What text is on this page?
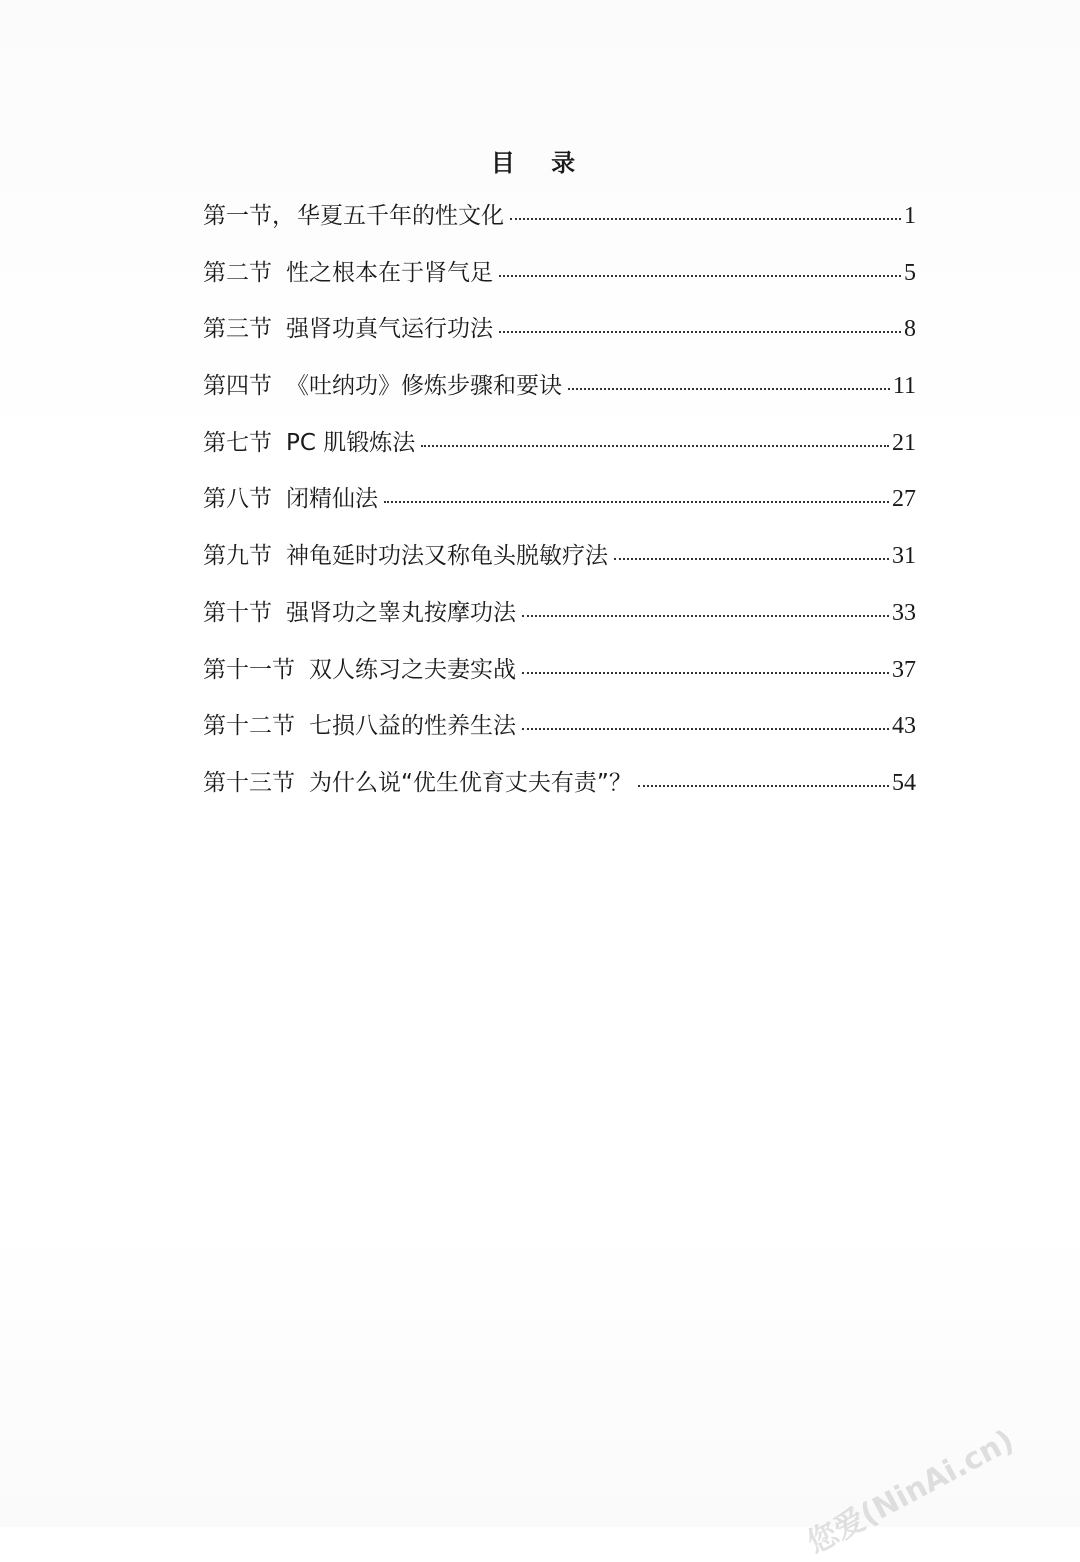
目 录
第一节， 华夏五千年的性文化	1
第二节 性之根本在于肾气足	5
第三节 强肾功真气运行功法	8
第四节 《吐纳功》修炼步骤和要诀	11
第七节 PC 肌锻炼法	21
第八节 闭精仙法	27
第九节 神龟延时功法又称龟头脱敏疗法	31
第十节 强肾功之睾丸按摩功法	33
第十一节 双人练习之夫妻实战	37
第十二节 七损八益的性养生法	43
第十三节 为什么说“优生优育丈夫有责”？	54
您爱(NinAi.cn)
